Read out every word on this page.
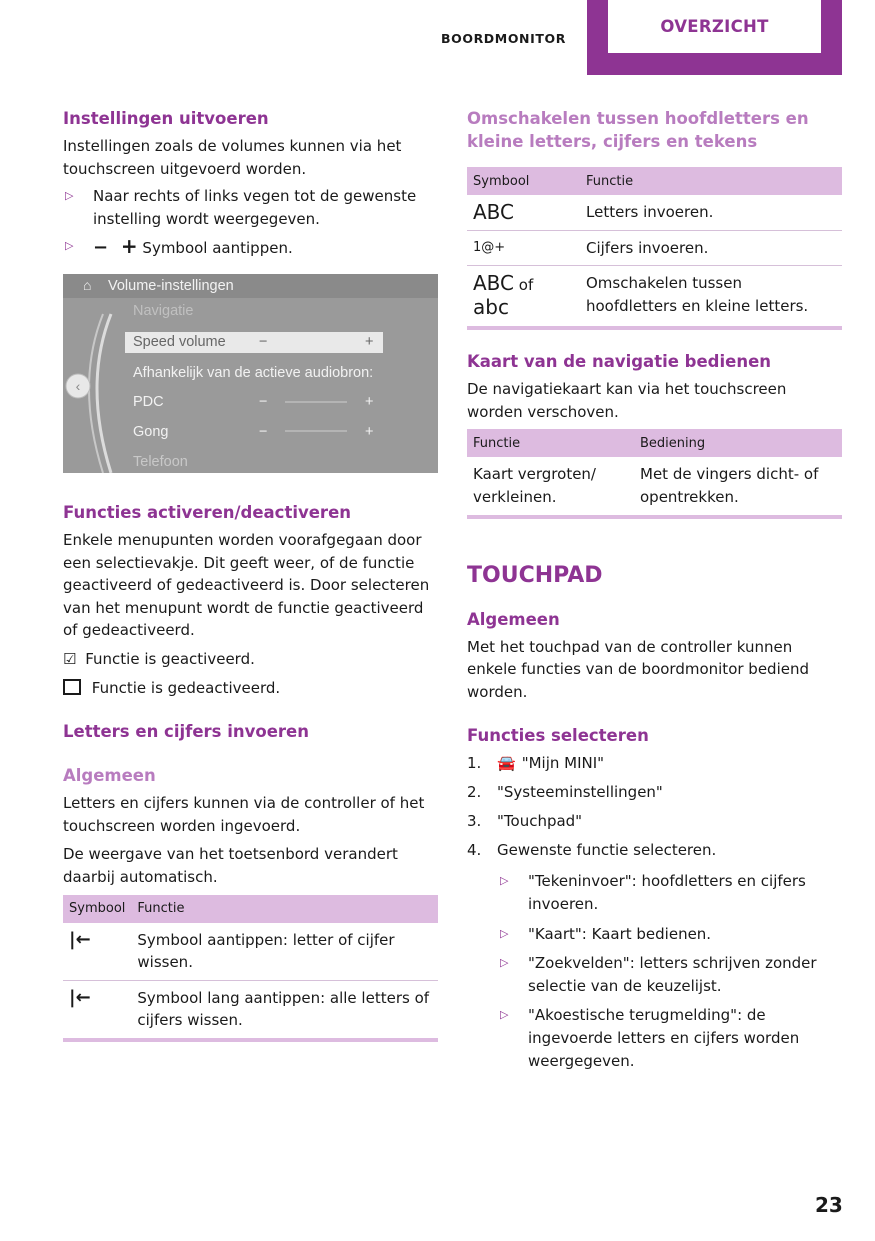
BOORDMONITOR
OVERZICHT
Instellingen uitvoeren

Instellingen zoals de volumes kunnen via het touchscreen uitgevoerd worden.

▷ Naar rechts of links vegen tot de gewenste instelling wordt weergegeven.
▷ − + Symbool aantippen.
⌂ Volume-instellingen
‹
Navigatie
Speed volume −	+
Afhankelijk van de actieve audiobron:
PDC	−	+
Gong	−	+
Telefoon
Functies activeren/deactiveren

Enkele menupunten worden voorafgegaan door een selectievakje. Dit geeft weer, of de functie geactiveerd of gedeactiveerd is. Door selecteren van het menupunt wordt de functie geactiveerd of gedeactiveerd.

☑ Functie is geactiveerd.
Functie is gedeactiveerd.
Letters en cijfers invoeren
Algemeen

Letters en cijfers kunnen via de controller of het touchscreen worden ingevoerd.

De weergave van het toetsenbord verandert daarbij automatisch.

Symbool	Functie
|←	Symbool aantippen: letter of cijfer wissen.
|←	Symbool lang aantippen: alle letters of cijfers wissen.
Omschakelen tussen hoofdletters en kleine letters, cijfers en tekens
Symbool	Functie
ABC	Letters invoeren.
1@+	Cijfers invoeren.
ABC of
abc	Omschakelen tussen hoofdletters en kleine letters.
Kaart van de navigatie bedienen

De navigatiekaart kan via het touchscreen worden verschoven.

Functie	Bediening
Kaart vergroten/ verkleinen.	Met de vingers dicht- of opentrekken.
TOUCHPAD
Algemeen

Met het touchpad van de controller kunnen enkele functies van de boordmonitor bediend worden.

Functies selecteren
1. 🚘 "Mijn MINI"
2. "Systeeminstellingen"
3. "Touchpad"
4. Gewenste functie selecteren.
▷ "Tekeninvoer": hoofdletters en cijfers invoeren.
▷ "Kaart": Kaart bedienen.
▷ "Zoekvelden": letters schrijven zonder selectie van de keuzelijst.
▷ "Akoestische terugmelding": de ingevoerde letters en cijfers worden weergegeven.
23
